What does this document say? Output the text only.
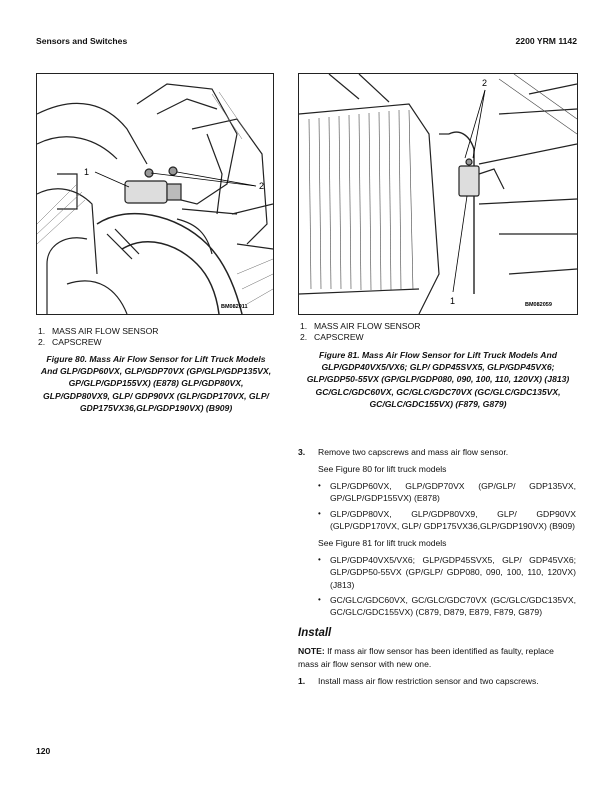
Sensors and Switches	2200 YRM 1142
1
2
BM082011
1. MASS AIR FLOW SENSOR
2. CAPSCREW
Figure 80. Mass Air Flow Sensor for Lift Truck Models And GLP/GDP60VX, GLP/GDP70VX (GP/GLP/GDP135VX, GP/GLP/GDP155VX) (E878) GLP/GDP80VX, GLP/GDP80VX9, GLP/ GDP90VX (GLP/GDP170VX, GLP/ GDP175VX36,GLP/GDP190VX) (B909)
2
1	BM082059
1. MASS AIR FLOW SENSOR
2. CAPSCREW
Figure 81. Mass Air Flow Sensor for Lift Truck Models And GLP/GDP40VX5/VX6; GLP/ GDP45SVX5, GLP/GDP45VX6; GLP/GDP50-55VX (GP/GLP/GDP080, 090, 100, 110, 120VX) (J813) GC/GLC/GDC60VX, GC/GLC/GDC70VX (GC/GLC/GDC135VX, GC/GLC/GDC155VX) (F879, G879)
3.	Remove two capscrews and mass air flow sensor.
See Figure 80 for lift truck models
•	GLP/GDP60VX, GLP/GDP70VX (GP/GLP/ GDP135VX, GP/GLP/GDP155VX) (E878)
•	GLP/GDP80VX, GLP/GDP80VX9, GLP/ GDP90VX (GLP/GDP170VX, GLP/ GDP175VX36,GLP/GDP190VX) (B909)
See Figure 81 for lift truck models
•	GLP/GDP40VX5/VX6; GLP/GDP45SVX5, GLP/ GDP45VX6; GLP/GDP50-55VX (GP/GLP/ GDP080, 090, 100, 110, 120VX) (J813)
•	GC/GLC/GDC60VX, GC/GLC/GDC70VX (GC/GLC/GDC135VX, GC/GLC/GDC155VX) (C879, D879, E879, F879, G879)
Install
NOTE: If mass air flow sensor has been identified as faulty, replace mass air flow sensor with new one.
1.	Install mass air flow restriction sensor and two capscrews.
120
